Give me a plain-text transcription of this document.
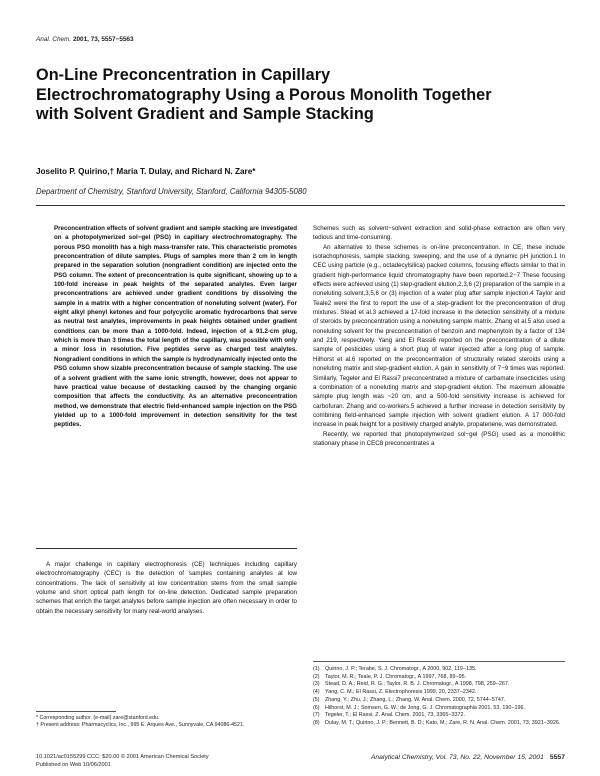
Anal. Chem. 2001, 73, 5557−5563
On-Line Preconcentration in Capillary Electrochromatography Using a Porous Monolith Together with Solvent Gradient and Sample Stacking
Joselito P. Quirino,† Maria T. Dulay, and Richard N. Zare*
Department of Chemistry, Stanford University, Stanford, California 94305-5080

Preconcentration effects of solvent gradient and sample stacking are investigated on a photopolymerized sol−gel (PSG) in capillary electrochromatography. The porous PSG monolith has a high mass-transfer rate. This characteristic promotes preconcentration of dilute samples. Plugs of samples more than 2 cm in length prepared in the separation solution (nongradient condition) are injected onto the PSG column. The extent of preconcentration is quite significant, showing up to a 100-fold increase in peak heights of the separated analytes. Even larger preconcentrations are achieved under gradient conditions by dissolving the sample in a matrix with a higher concentration of noneluting solvent (water). For eight alkyl phenyl ketones and four polycyclic aromatic hydrocarbons that serve as neutral test analytes, improvements in peak heights obtained under gradient conditions can be more than a 1000-fold. Indeed, injection of a 91.2-cm plug, which is more than 3 times the total length of the capillary, was possible with only a minor loss in resolution. Five peptides serve as charged test analytes. Nongradient conditions in which the sample is hydrodynamically injected onto the PSG column show sizable preconcentration because of sample stacking. The use of a solvent gradient with the same ionic strength, however, does not appear to have practical value because of destacking caused by the changing organic composition that affects the conductivity. As an alternative preconcentration method, we demonstrate that electric field-enhanced sample injection on the PSG yielded up to a 1000-fold improvement in detection sensitivity for the test peptides.

A major challenge in capillary electrophoresis (CE) techniques including capillary electrochromatography (CEC) is the detection of samples containing analytes at low concentrations. The lack of sensitivity at low concentration stems from the small sample volume and short optical path length for on-line detection. Dedicated sample preparation schemes that enrich the target analytes before sample injection are often necessary in order to obtain the necessary sensitivity for many real-world analyses.

Schemes such as solvent−solvent extraction and solid-phase extraction are often very tedious and time-consuming.

An alternative to these schemes is on-line preconcentration. In CE, these include isotachophoresis, sample stacking, sweeping, and the use of a dynamic pH junction.1 In CEC using particle (e.g., octadecylsilica) packed columns, focusing effects similar to that in gradient high-performance liquid chromatography have been reported.2−7 These focusing effects were achieved using (1) step-gradient elution,2,3,6 (2) preparation of the sample in a noneluting solvent,3,5,6 or (3) injection of a water plug after sample injection.4 Taylor and Teale2 were the first to report the use of a step-gradient for the preconcentration of drug mixtures. Stead et al.3 achieved a 17-fold increase in the detection sensitivity of a mixture of steroids by preconcentration using a noneluting sample matrix. Zhang et al.5 also used a noneluting solvent for the preconcentration of benzoin and mephenytoin by a factor of 134 and 219, respectively. Yang and El Rassi6 reported on the preconcentration of a dilute sample of pesticides using a short plug of water injected after a long plug of sample. Hilhorst et al.6 reported on the preconcentration of structurally related steroids using a noneluting matrix and step-gradient elution. A gain in sensitivity of 7−9 times was reported. Similarly, Tegeler and El Rassi7 preconcentrated a mixture of carbamate insecticides using a combination of a noneluting matrix and step-gradient elution. The maximum allowable sample plug length was ~20 cm, and a 500-fold sensitivity increase is achieved for carbofuran. Zhang and co-workers.5 achieved a further increase in detection sensitivity by combining field-enhanced sample injection with solvent gradient elution. A 17 000-fold increase in peak height for a positively charged analyte, propatenene, was demonstrated.

Recently, we reported that photopolymerized sol−gel (PSG) used as a monolithic stationary phase in CEC8 preconcentrates a

(1)	Quirino, J. P.; Terabe, S. J. Chromatogr., A 2000, 902, 119−135.
(2)	Taylor, M. R.; Teale, P. J. Chromatogr., A 1997, 768, 89−95.
(3)	Stead, D. A.; Reid, R. G.; Taylor, R. B. J. Chromatogr., A 1998, 798, 259−267.
(4)	Yang, C. M.; El Rassi, Z. Electrophoresis 1999, 20, 2337−2342.
(5)	Zhang, Y.; Zhu, J.; Zhang, L.; Zhang, W. Anal. Chem. 2000, 72, 5744−5747.
(6)	Hilhorst, M. J.; Somsen, G. W.; de Jong, G. J. Chromatographia 2001, 53, 190−196.
(7)	Tegeler, T.; El Rassi, Z. Anal. Chem. 2001, 73, 3365−3372.
(8)	Dulay, M. T.; Quirino, J. P.; Bennett, B. D.; Kato, M.; Zare, R. N. Anal. Chem. 2001, 73, 3921−3926.
* Corresponding author. (e-mail) zare@stanford.edu.
† Present address: Pharmacyclics, Inc., 995 E. Arques Ave., Sunnyvale, CA 94086-4521.
10.1021/ac0155299 CCC: $20.00 © 2001 American Chemical Society
Published on Web 10/06/2001
Analytical Chemistry, Vol. 73, No. 22, November 15, 2001 5557
